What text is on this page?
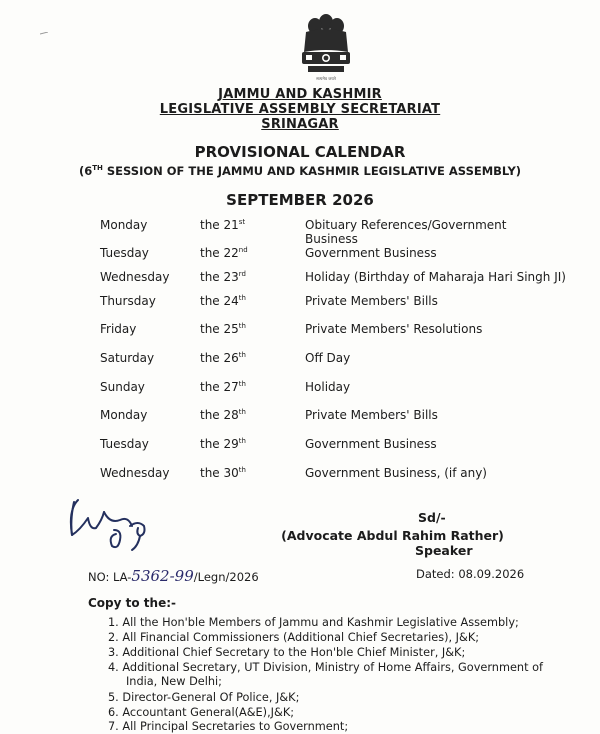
सत्यमेव जयते
JAMMU AND KASHMIR
LEGISLATIVE ASSEMBLY SECRETARIAT
SRINAGAR
PROVISIONAL CALENDAR
(6TH SESSION OF THE JAMMU AND KASHMIR LEGISLATIVE ASSEMBLY)
SEPTEMBER 2026
Monday	the 21st	Obituary References/Government Business
Tuesday	the 22nd	Government Business
Wednesday	the 23rd	Holiday (Birthday of Maharaja Hari Singh JI)
Thursday	the 24th	Private Members' Bills
Friday	the 25th	Private Members' Resolutions
Saturday	the 26th	Off Day
Sunday	the 27th	Holiday
Monday	the 28th	Private Members' Bills
Tuesday	the 29th	Government Business
Wednesday	the 30th	Government Business, (if any)
Sd/-
(Advocate Abdul Rahim Rather)
Speaker
NO: LA-5362-99/Legn/2026	Dated: 08.09.2026
Copy to the:-
1. All the Hon'ble Members of Jammu and Kashmir Legislative Assembly;
2. All Financial Commissioners (Additional Chief Secretaries), J&K;
3. Additional Chief Secretary to the Hon'ble Chief Minister, J&K;
4. Additional Secretary, UT Division, Ministry of Home Affairs, Government of
India, New Delhi;
5. Director-General Of Police, J&K;
6. Accountant General(A&E),J&K;
7. All Principal Secretaries to Government;
